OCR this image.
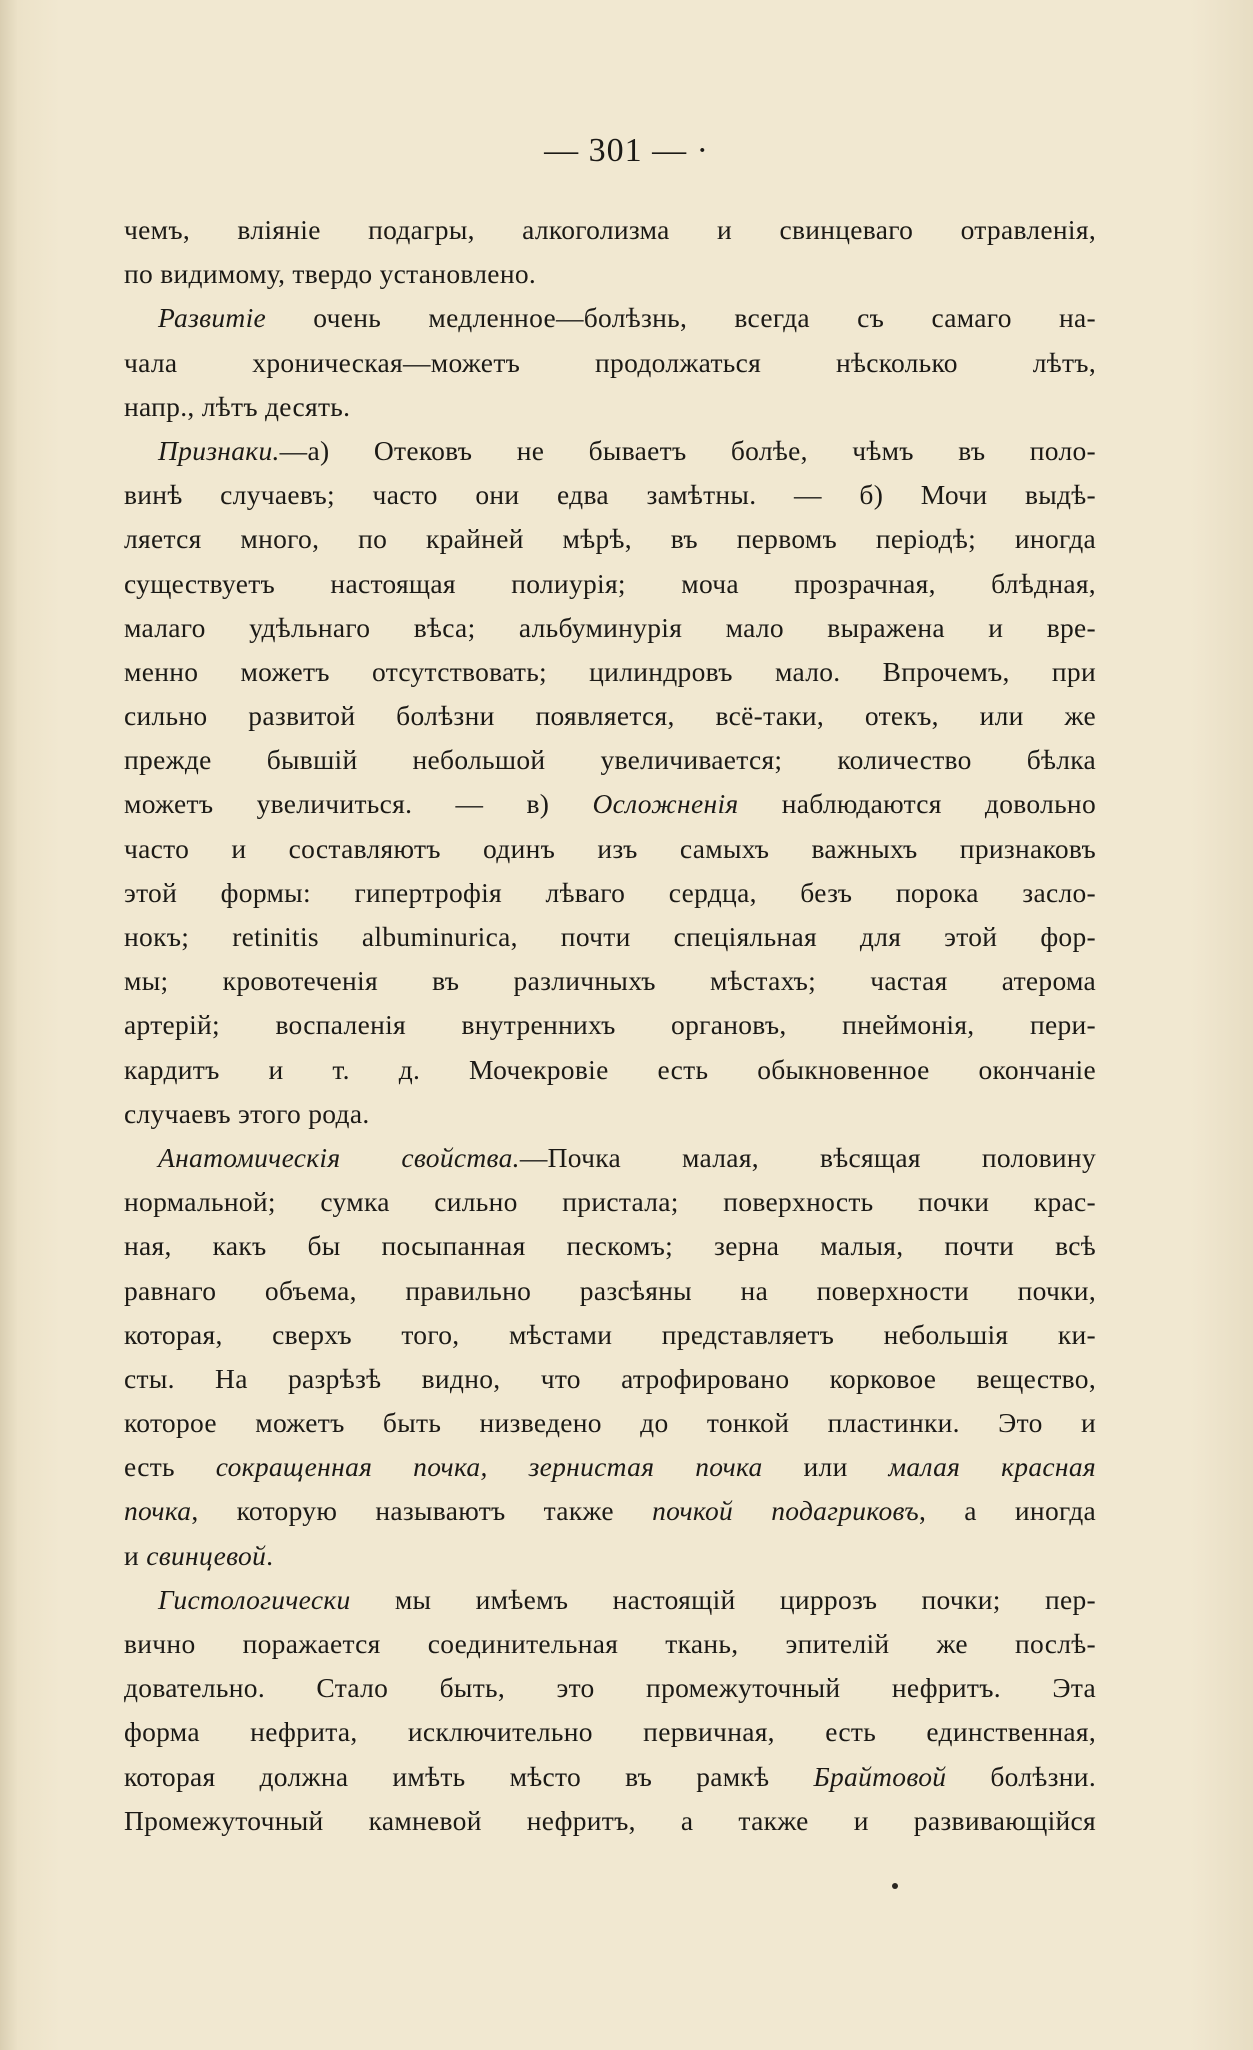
— 301 — ·
чемъ, вліяніе подагры, алкоголизма и свинцеваго отравленія,
по видимому, твердо установлено.
Развитіе очень медленное—болѣзнь, всегда съ самаго на-
чала хроническая—можетъ продолжаться нѣсколько лѣтъ,
напр., лѣтъ десять.
Признаки.—а) Отековъ не бываетъ болѣе, чѣмъ въ поло-
винѣ случаевъ; часто они едва замѣтны. — б) Мочи выдѣ-
ляется много, по крайней мѣрѣ, въ первомъ періодѣ; иногда
существуетъ настоящая полиурія; моча прозрачная, блѣдная,
малаго удѣльнаго вѣса; альбуминурія мало выражена и вре-
менно можетъ отсутствовать; цилиндровъ мало. Впрочемъ, при
сильно развитой болѣзни появляется, всё-таки, отекъ, или же
прежде бывшій небольшой увеличивается; количество бѣлка
можетъ увеличиться. — в) Осложненія наблюдаются довольно
часто и составляютъ одинъ изъ самыхъ важныхъ признаковъ
этой формы: гипертрофія лѣваго сердца, безъ порока засло-
нокъ; retinitis albuminurica, почти спеціяльная для этой фор-
мы; кровотеченія въ различныхъ мѣстахъ; частая атерома
артерій; воспаленія внутреннихъ органовъ, пнеймонія, пери-
кардитъ и т. д. Мочекровіе есть обыкновенное окончаніе
случаевъ этого рода.
Анатомическія свойства.—Почка малая, вѣсящая половину
нормальной; сумка сильно пристала; поверхность почки крас-
ная, какъ бы посыпанная пескомъ; зерна малыя, почти всѣ
равнаго объема, правильно разсѣяны на поверхности почки,
которая, сверхъ того, мѣстами представляетъ небольшія ки-
сты. На разрѣзѣ видно, что атрофировано корковое вещество,
которое можетъ быть низведено до тонкой пластинки. Это и
есть сокращенная почка, зернистая почка или малая красная
почка, которую называютъ также почкой подагриковъ, а иногда
и свинцевой.
Гистологически мы имѣемъ настоящій циррозъ почки; пер-
вично поражается соединительная ткань, эпителій же послѣ-
довательно. Стало быть, это промежуточный нефритъ. Эта
форма нефрита, исключительно первичная, есть единственная,
которая должна имѣть мѣсто въ рамкѣ Брайтовой болѣзни.
Промежуточный камневой нефритъ, а также и развивающійся
